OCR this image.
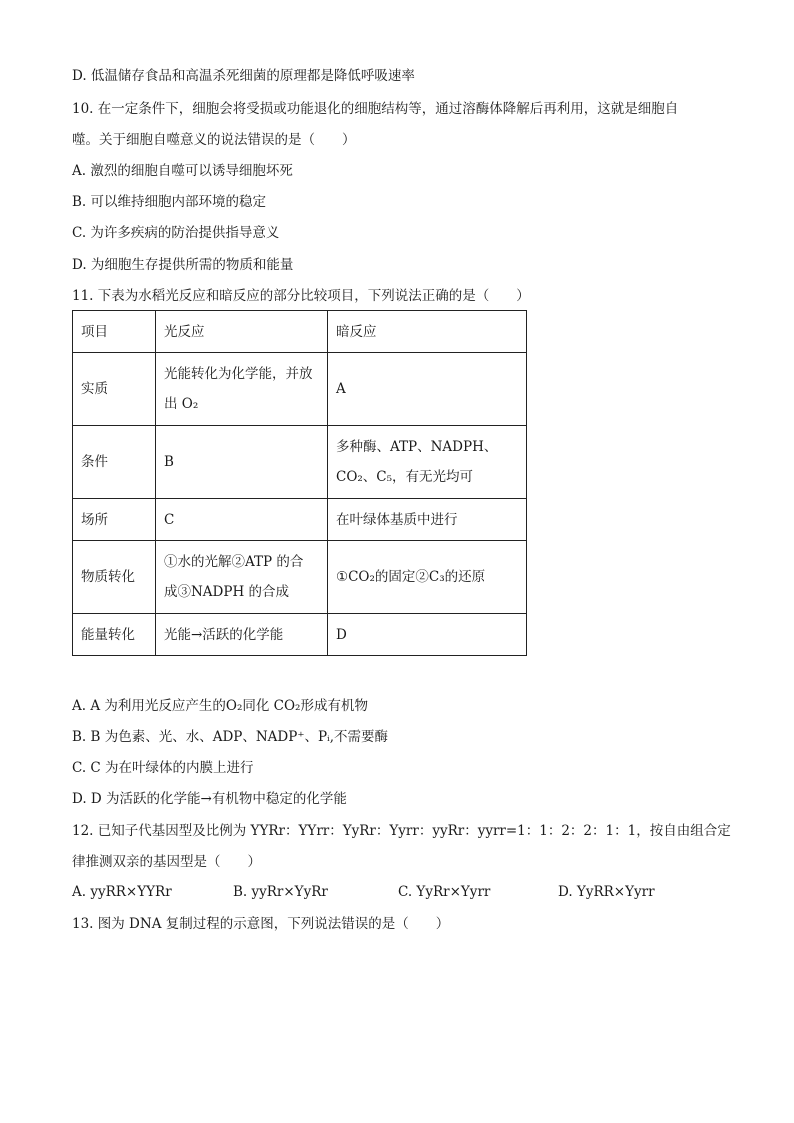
D. 低温储存食品和高温杀死细菌的原理都是降低呼吸速率
10. 在一定条件下，细胞会将受损或功能退化的细胞结构等，通过溶酶体降解后再利用，这就是细胞自
噬。关于细胞自噬意义的说法错误的是（　　）
A. 激烈的细胞自噬可以诱导细胞坏死
B. 可以维持细胞内部环境的稳定
C. 为许多疾病的防治提供指导意义
D. 为细胞生存提供所需的物质和能量
11. 下表为水稻光反应和暗反应的部分比较项目，下列说法正确的是（　　）
项目	光反应	暗反应
实质	光能转化为化学能，并放
出 O₂	A

条件	B	多种酶、ATP、NADPH、
CO₂、C₅，有无光均可

场所	C	在叶绿体基质中进行

物质转化	①水的光解②ATP 的合
成③NADPH 的合成	①CO₂的固定②C₃的还原

能量转化	光能→活跃的化学能	D
A. A 为利用光反应产生的O₂同化 CO₂形成有机物
B. B 为色素、光、水、ADP、NADP⁺、Pᵢ,不需要酶
C. C 为在叶绿体的内膜上进行
D. D 为活跃的化学能→有机物中稳定的化学能
12. 已知子代基因型及比例为 YYRr：YYrr：YyRr：Yyrr：yyRr：yyrr=1：1：2：2：1：1，按自由组合定
律推测双亲的基因型是（　　）
A. yyRR×YYRr	B. yyRr×YyRr	C. YyRr×Yyrr	D. YyRR×Yyrr
13. 图为 DNA 复制过程的示意图，下列说法错误的是（　　）
